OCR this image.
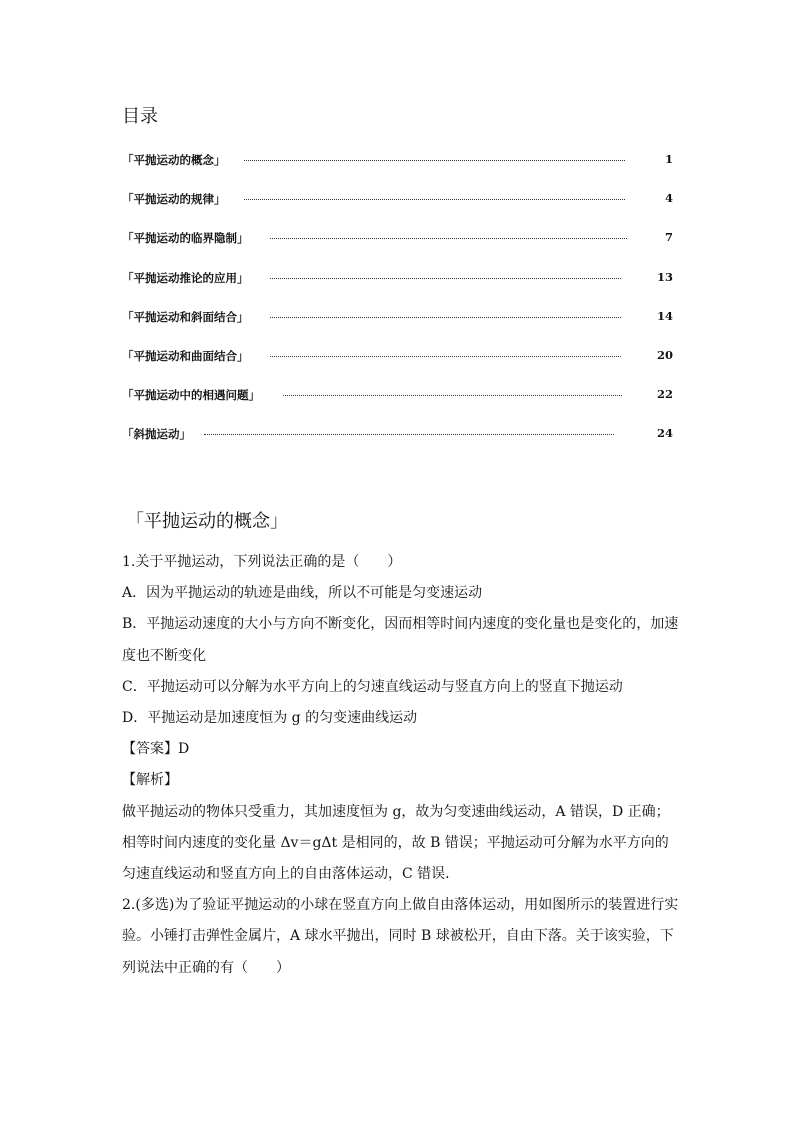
目录
「平抛运动的概念」	1
「平抛运动的规律」	4
「平抛运动的临界隐制」	7
「平抛运动推论的应用」	13
「平抛运动和斜面结合」	14
「平抛运动和曲面结合」	20
「平抛运动中的相遇问题」	22
「斜抛运动」	24
「平抛运动的概念」

1.关于平抛运动，下列说法正确的是（　　）

A．因为平抛运动的轨迹是曲线，所以不可能是匀变速运动

B．平抛运动速度的大小与方向不断变化，因而相等时间内速度的变化量也是变化的，加速度也不断变化

C．平抛运动可以分解为水平方向上的匀速直线运动与竖直方向上的竖直下抛运动

D．平抛运动是加速度恒为 g 的匀变速曲线运动

【答案】D

【解析】

做平抛运动的物体只受重力，其加速度恒为 g，故为匀变速曲线运动，A 错误，D 正确；相等时间内速度的变化量 Δv＝gΔt 是相同的，故 B 错误；平抛运动可分解为水平方向的匀速直线运动和竖直方向上的自由落体运动，C 错误．

2.(多选)为了验证平抛运动的小球在竖直方向上做自由落体运动，用如图所示的装置进行实验。小锤打击弹性金属片，A 球水平抛出，同时 B 球被松开，自由下落。关于该实验，下列说法中正确的有（　　）
